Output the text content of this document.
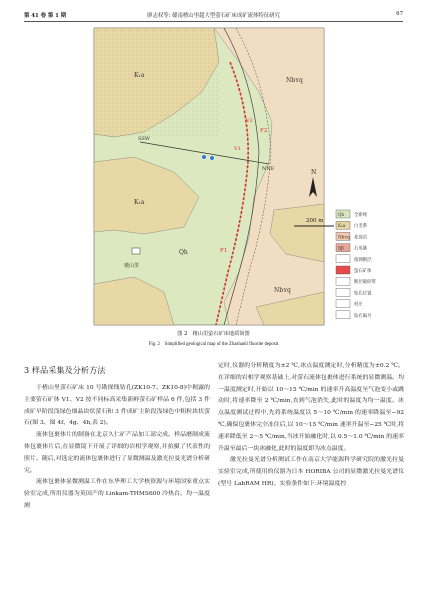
第 41 卷 第 1 期	廖志权等: 赣南楂山里超大型萤石矿床成矿流体特征研究	67
K₁a
K₁a
Nbʏq
Nbʏq
Qh
楂山里
SSW
NNE
F2
F1
V1
V2
N
200 m
Qh 全新统
K₁a 白垩系
Nbʏq 花岗岩
Qβ 石英脉
推测断层
萤石矿体
断层破碎带
钻孔位置
村庄
钻孔编号
图 2　楂山里萤石矿床地质简图
Fig. 2　Simplified geological map of the Zhashanli fluorite deposit
3 样品采集及分析方法

于楂山里萤石矿床 10 号勘探线钻孔(ZK10-7、ZK10-8)中揭露的主要萤石矿体 V1、V2 按不同标高采集新鲜萤石矿样品 6 件,包括 3 件成矿早阶段浅绿色细晶块状萤石和 3 件成矿主阶段浅绿色中粗粒块状萤石(图 3、图 4f、4g、4h,表 2)。

流体包裹体片的制备在北京久仁矿产品加工部完成。样品磨制成流体包裹体片后,在显微镜下开展了详细的岩相学观察,并拍摄了代表性的照片。随后,对选定的流体包裹体进行了显微测温及激光拉曼光谱分析研究。

流体包裹体显微测温工作在东华理工大学核资源与环境国家重点实验室完成,所用仪器为英国产的 Linkam-THMS600 冷热台。均一温度测

定时,仪器的分析精度为±2 ℃,冰点温度测定时,分析精度为±0.2 ℃。在详细的岩相学观察基础上,对萤石流体包裹体进行系统的显微测温。均一温度测定时,开始以 10～15 ℃/min 的速率升高温度至气泡变小或跳动时,将速率降至 2 ℃/min,直到气泡消失,此时的温度为均一温度。冰点温度测试过程中,先将系统温度以 5～10 ℃/min 的速率降温至−92 ℃,确保包裹体完全冻住后,以 10～15 ℃/min 速率升温至−25 ℃时,将速率降低至 2～5 ℃/min,当冰开始融化时,以 0.5～1.0 ℃/min 的速率升温至最后一块冰融化,此时的温度即为冰点温度。

激光拉曼光谱分析测试工作在南京大学能源科学研究院的激光拉曼实验室完成,所使用的仪器为日本 HORIBA 公司的显微激光拉曼光谱仪(型号 LabRAM HR)。实验条件如下:环境温度控
